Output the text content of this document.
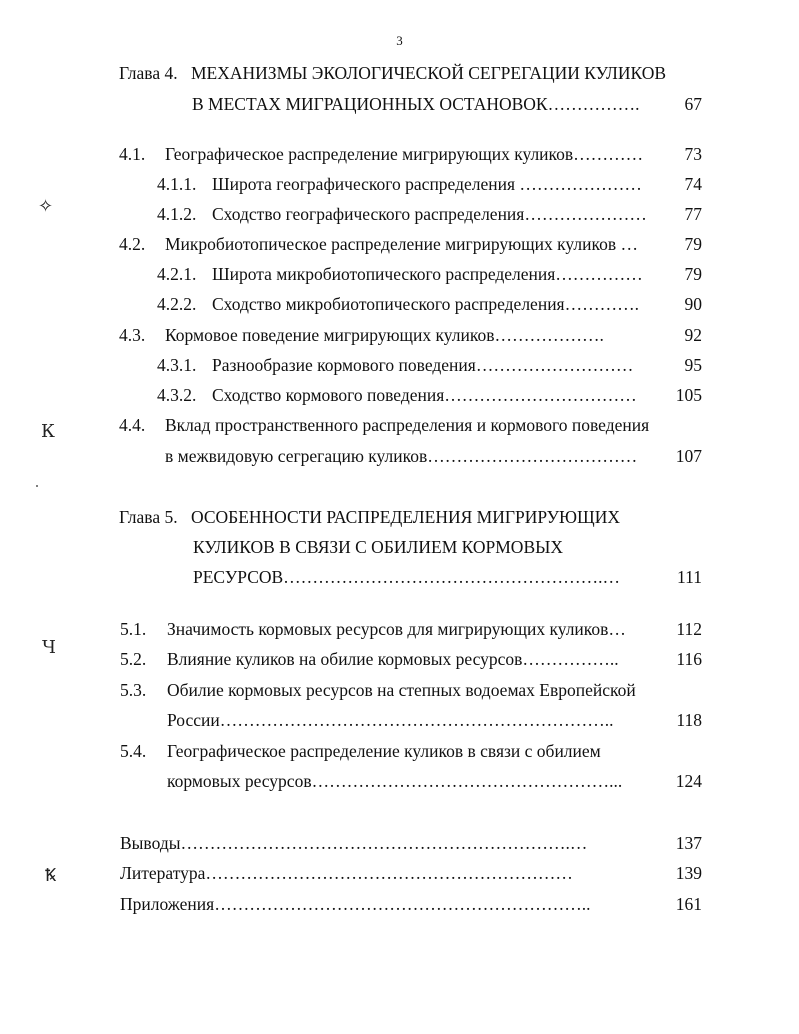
3
✧
К
Ч
Ꝅ
Глава 4. МЕХАНИЗМЫ ЭКОЛОГИЧЕСКОЙ СЕГРЕГАЦИИ КУЛИКОВ
В МЕСТАХ МИГРАЦИОННЫХ ОСТАНОВОК…………….	67
4.1. Географическое распределение мигрирующих куликов………… 73
4.1.1. Широта географического распределения ………………… 74
4.1.2. Сходство географического распределения………………… 77
4.2. Микробиотопическое распределение мигрирующих куликов …	79
4.2.1. Широта микробиотопического распределения…………… 79
4.2.2. Сходство микробиотопического распределения………….	90
4.3. Кормовое поведение мигрирующих куликов……………….	92
4.3.1. Разнообразие кормового поведения………………………	95
4.3.2. Сходство кормового поведения…………………………… 105
4.4. Вклад пространственного распределения и кормового поведения
в межвидовую сегрегацию куликов……………………………… 107
Глава 5. ОСОБЕННОСТИ РАСПРЕДЕЛЕНИЯ МИГРИРУЮЩИХ
КУЛИКОВ В СВЯЗИ С ОБИЛИЕМ КОРМОВЫХ
РЕСУРСОВ……………………………………………….…	111
5.1. Значимость кормовых ресурсов для мигрирующих куликов…	112
5.2. Влияние куликов на обилие кормовых ресурсов……………..	116
5.3. Обилие кормовых ресурсов на степных водоемах Европейской
России…………………………………………………………..	118
5.4. Географическое распределение куликов в связи с обилием
кормовых ресурсов……………………………………………...	124
Выводы………………………………………………………….…	137
Литература………………………………………………………	139
Приложения………………………………………………………..	161
